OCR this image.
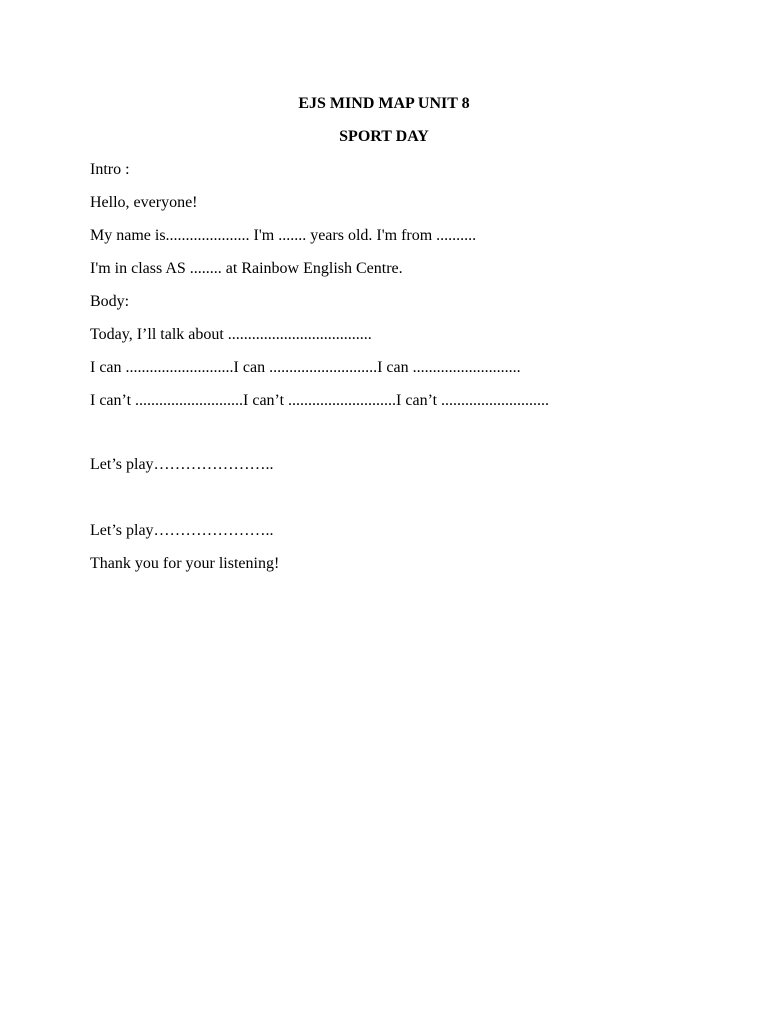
EJS MIND MAP UNIT 8
SPORT DAY
Intro :
Hello, everyone!
My name is..................... I'm ....... years old. I'm from ..........
I'm in class AS ........ at Rainbow English Centre.
Body:
Today, I’ll talk about ....................................
I can ...........................I can ...........................I can ...........................
I can’t ...........................I can’t ...........................I can’t ...........................
Let’s play…………………..
Let’s play…………………..
Thank you for your listening!
